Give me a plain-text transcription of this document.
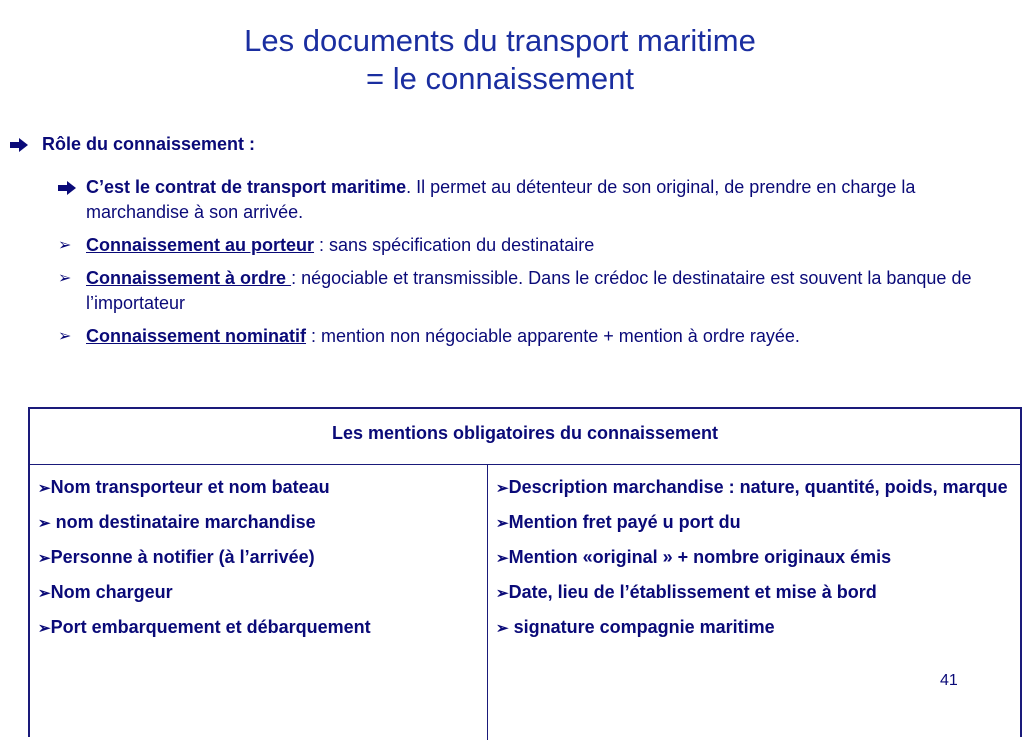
Les documents du transport maritime
= le connaissement
Rôle du connaissement :
C’est le contrat de transport maritime. Il permet au détenteur de son original, de prendre en charge la marchandise à son arrivée.
➢ Connaissement au porteur : sans spécification du destinataire
➢ Connaissement à ordre : négociable et transmissible. Dans le crédoc le destinataire est souvent la banque de l’importateur
➢ Connaissement nominatif : mention non négociable apparente + mention à ordre rayée.
Les mentions obligatoires du connaissement
➢Nom transporteur et nom bateau
➢ nom destinataire marchandise
➢Personne à notifier (à l’arrivée)
➢Nom chargeur
➢Port embarquement et débarquement
➢Description marchandise : nature, quantité, poids, marque
➢Mention fret payé u port du
➢Mention «original » + nombre originaux émis
➢Date, lieu de l’établissement et mise à bord
➢ signature compagnie maritime
41
